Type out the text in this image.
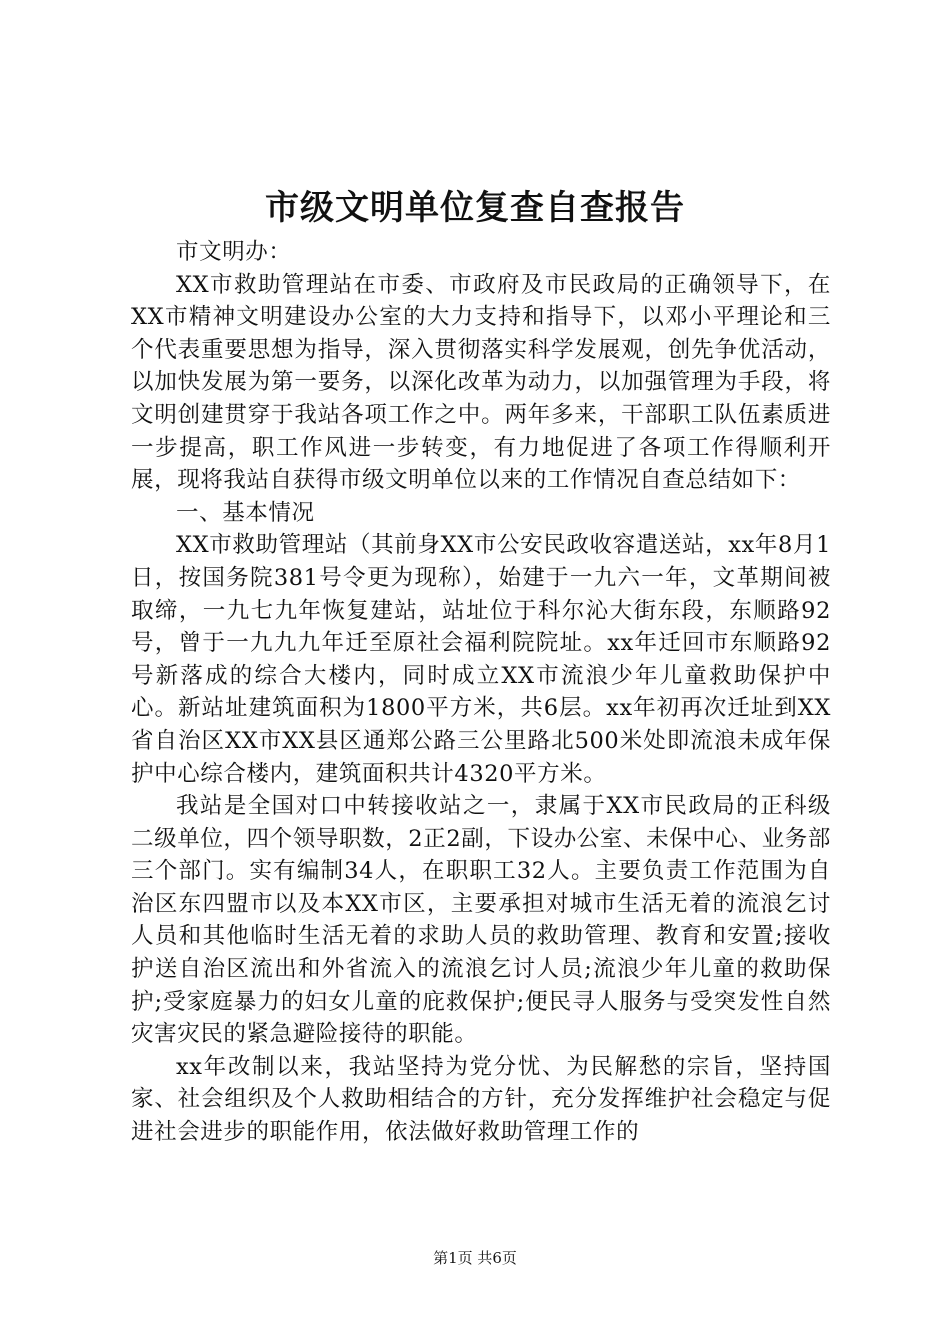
市级文明单位复查自查报告

市文明办：

XX市救助管理站在市委、市政府及市民政局的正确领导下，在XX市精神文明建设办公室的大力支持和指导下，以邓小平理论和三个代表重要思想为指导，深入贯彻落实科学发展观，创先争优活动，以加快发展为第一要务，以深化改革为动力，以加强管理为手段，将文明创建贯穿于我站各项工作之中。两年多来，干部职工队伍素质进一步提高，职工作风进一步转变，有力地促进了各项工作得顺利开展，现将我站自获得市级文明单位以来的工作情况自查总结如下：

一、基本情况

XX市救助管理站（其前身XX市公安民政收容遣送站，xx年8月1日，按国务院381号令更为现称），始建于一九六一年，文革期间被取缔，一九七九年恢复建站，站址位于科尔沁大街东段，东顺路92号，曾于一九九九年迁至原社会福利院院址。xx年迁回市东顺路92号新落成的综合大楼内，同时成立XX市流浪少年儿童救助保护中心。新站址建筑面积为1800平方米，共6层。xx年初再次迁址到XX省自治区XX市XX县区通郑公路三公里路北500米处即流浪未成年保护中心综合楼内，建筑面积共计4320平方米。

我站是全国对口中转接收站之一，隶属于XX市民政局的正科级二级单位，四个领导职数，2正2副，下设办公室、未保中心、业务部三个部门。实有编制34人，在职职工32人。主要负责工作范围为自治区东四盟市以及本XX市区，主要承担对城市生活无着的流浪乞讨人员和其他临时生活无着的求助人员的救助管理、教育和安置;接收护送自治区流出和外省流入的流浪乞讨人员;流浪少年儿童的救助保护;受家庭暴力的妇女儿童的庇救保护;便民寻人服务与受突发性自然灾害灾民的紧急避险接待的职能。

xx年改制以来，我站坚持为党分忧、为民解愁的宗旨，坚持国家、社会组织及个人救助相结合的方针，充分发挥维护社会稳定与促进社会进步的职能作用，依法做好救助管理工作的

第1页 共6页
